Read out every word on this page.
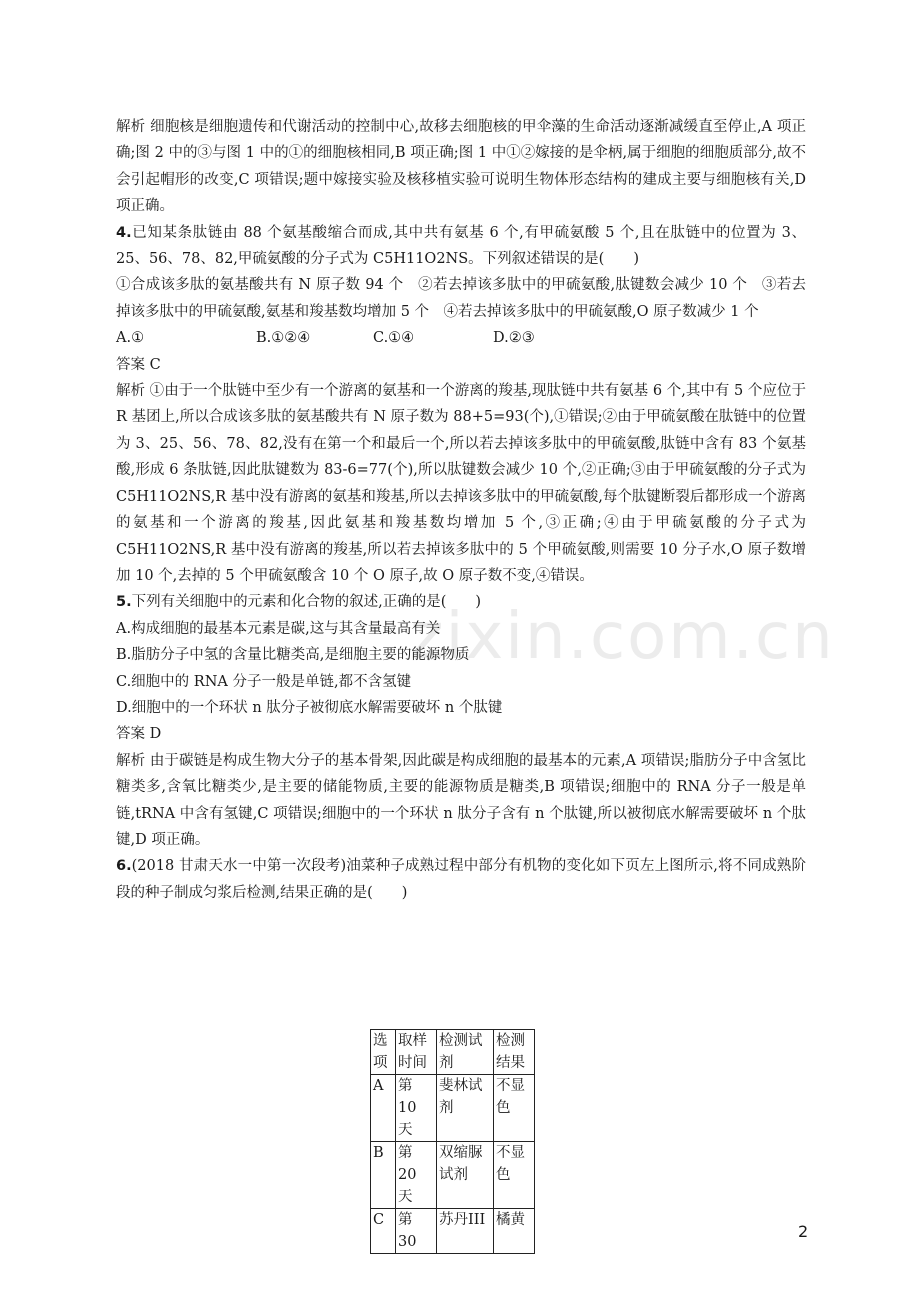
zixin.com.cn

解析 细胞核是细胞遗传和代谢活动的控制中心,故移去细胞核的甲伞藻的生命活动逐渐减缓直至停止,A 项正确;图 2 中的③与图 1 中的①的细胞核相同,B 项正确;图 1 中①②嫁接的是伞柄,属于细胞的细胞质部分,故不会引起帽形的改变,C 项错误;题中嫁接实验及核移植实验可说明生物体形态结构的建成主要与细胞核有关,D 项正确。

4.已知某条肽链由 88 个氨基酸缩合而成,其中共有氨基 6 个,有甲硫氨酸 5 个,且在肽链中的位置为 3、25、56、78、82,甲硫氨酸的分子式为 C5H11O2NS。下列叙述错误的是(　　)

①合成该多肽的氨基酸共有 N 原子数 94 个　②若去掉该多肽中的甲硫氨酸,肽键数会减少 10 个　③若去掉该多肽中的甲硫氨酸,氨基和羧基数均增加 5 个　④若去掉该多肽中的甲硫氨酸,O 原子数减少 1 个

A.①	B.①②④	C.①④	D.②③

答案 C

解析 ①由于一个肽链中至少有一个游离的氨基和一个游离的羧基,现肽链中共有氨基 6 个,其中有 5 个应位于 R 基团上,所以合成该多肽的氨基酸共有 N 原子数为 88+5=93(个),①错误;②由于甲硫氨酸在肽链中的位置为 3、25、56、78、82,没有在第一个和最后一个,所以若去掉该多肽中的甲硫氨酸,肽链中含有 83 个氨基酸,形成 6 条肽链,因此肽键数为 83-6=77(个),所以肽键数会减少 10 个,②正确;③由于甲硫氨酸的分子式为 C5H11O2NS,R 基中没有游离的氨基和羧基,所以去掉该多肽中的甲硫氨酸,每个肽键断裂后都形成一个游离的氨基和一个游离的羧基,因此氨基和羧基数均增加 5 个,③正确;④由于甲硫氨酸的分子式为 C5H11O2NS,R 基中没有游离的羧基,所以若去掉该多肽中的 5 个甲硫氨酸,则需要 10 分子水,O 原子数增加 10 个,去掉的 5 个甲硫氨酸含 10 个 O 原子,故 O 原子数不变,④错误。

5.下列有关细胞中的元素和化合物的叙述,正确的是(　　)

A.构成细胞的最基本元素是碳,这与其含量最高有关

B.脂肪分子中氢的含量比糖类高,是细胞主要的能源物质

C.细胞中的 RNA 分子一般是单链,都不含氢键

D.细胞中的一个环状 n 肽分子被彻底水解需要破坏 n 个肽键

答案 D

解析 由于碳链是构成生物大分子的基本骨架,因此碳是构成细胞的最基本的元素,A 项错误;脂肪分子中含氢比糖类多,含氧比糖类少,是主要的储能物质,主要的能源物质是糖类,B 项错误;细胞中的 RNA 分子一般是单链,tRNA 中含有氢键,C 项错误;细胞中的一个环状 n 肽分子含有 n 个肽键,所以被彻底水解需要破坏 n 个肽键,D 项正确。

6.(2018 甘肃天水一中第一次段考)油菜种子成熟过程中部分有机物的变化如下页左上图所示,将不同成熟阶段的种子制成匀浆后检测,结果正确的是(　　)

选项	取样时间	检测试剂	检测结果
A	第 10 天	斐林试剂	不显色
B	第 20 天	双缩脲试剂	不显色
C	第 30	苏丹III	橘黄
2
